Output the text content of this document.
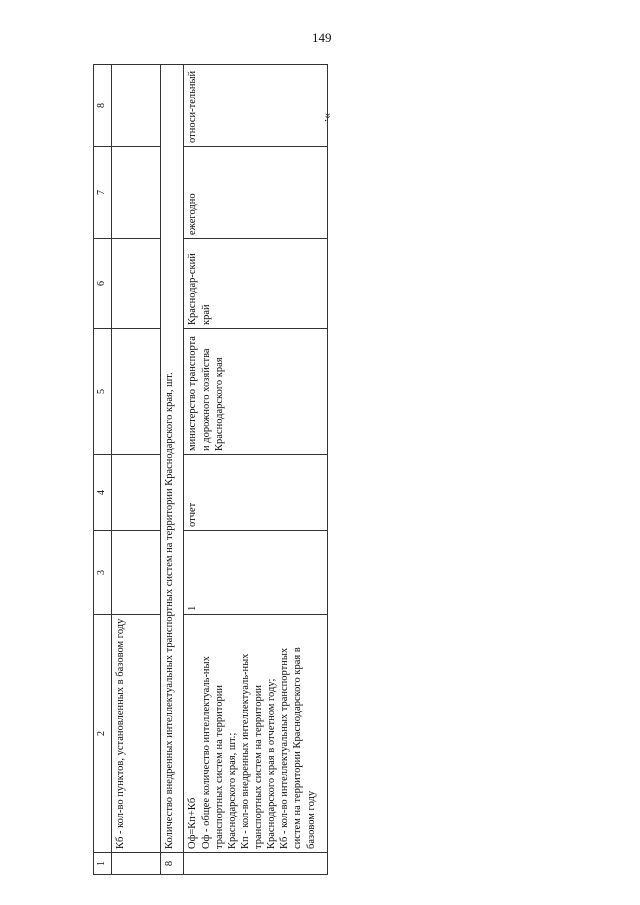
149
».
1	2	3	4	5	6	7	8
	Кб - кол-во пунктов, установленных в базовом году						
8	Количество внедренных интеллектуальных транспортных систем на территории Краснодарского края, шт.						

	Оф=Кп+Кб Оф - общее количество интеллектуаль-ных транспортных систем на территории Краснодарского края, шт.; Кп - кол-во внедренных интеллектуаль-ных транспортных систем на территории Краснодарского края в отчетном году; Кб - кол-во интеллектуальных транспортных систем на территории Краснодарского края в базовом году	1	отчет	министерство транспорта и дорожного хозяйства Краснодарского края	Краснодар-ский край	ежегодно	относи-тельный
